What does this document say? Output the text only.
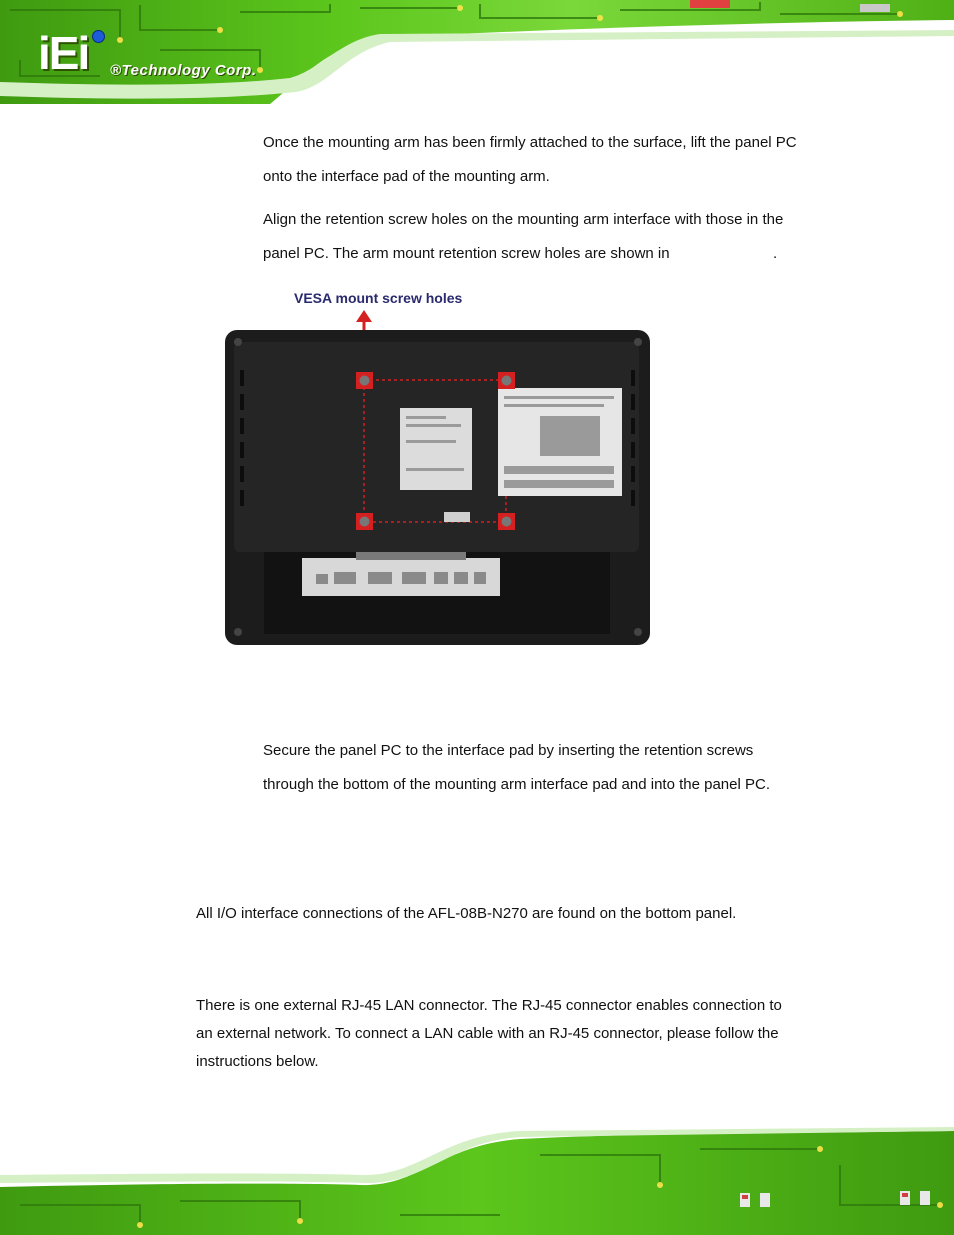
iEi ®Technology Corp.

Once the mounting arm has been firmly attached to the surface, lift the panel PC

onto the interface pad of the mounting arm.

Align the retention screw holes on the mounting arm interface with those in the

panel PC. The arm mount retention screw holes are shown in	.

VESA mount screw holes

Secure the panel PC to the interface pad by inserting the retention screws

through the bottom of the mounting arm interface pad and into the panel PC.

All I/O interface connections of the AFL-08B-N270 are found on the bottom panel.

There is one external RJ-45 LAN connector. The RJ-45 connector enables connection to

an external network. To connect a LAN cable with an RJ-45 connector, please follow the

instructions below.
